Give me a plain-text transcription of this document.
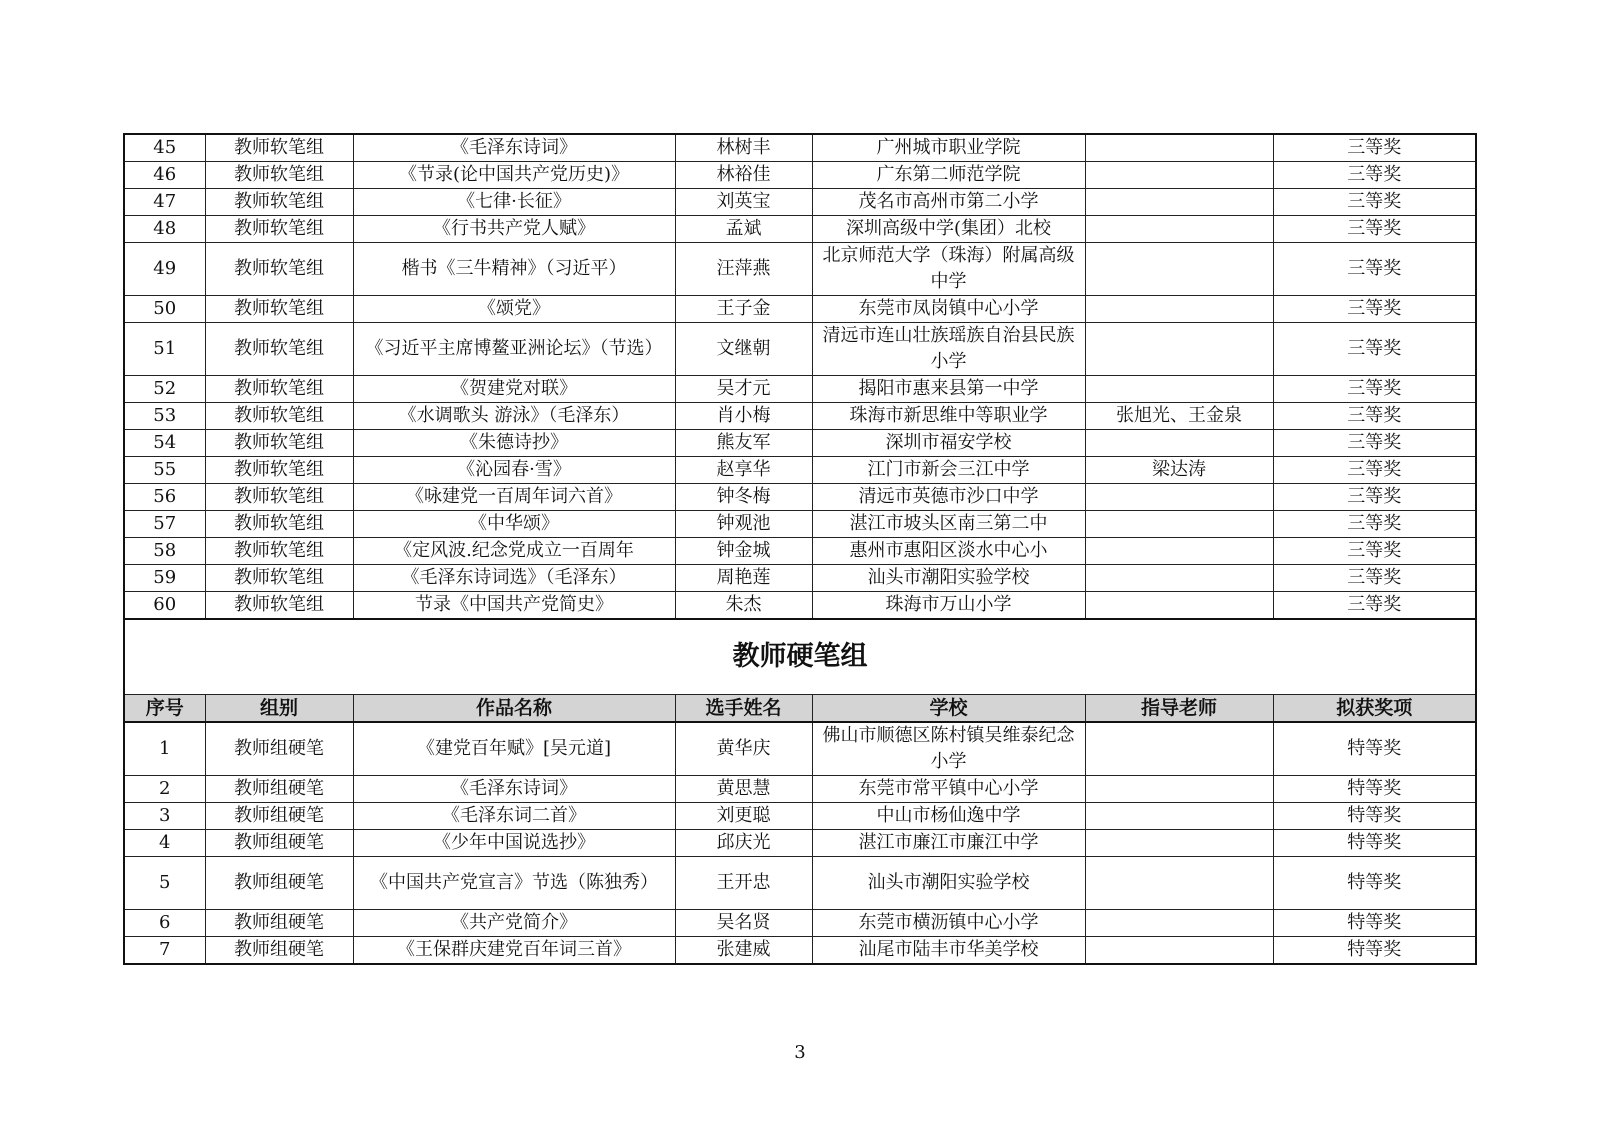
45	教师软笔组	《毛泽东诗词》	林树丰	广州城市职业学院		三等奖
46	教师软笔组	《节录(论中国共产党历史)》	林裕佳	广东第二师范学院		三等奖
47	教师软笔组	《七律·长征》	刘英宝	茂名市高州市第二小学		三等奖
48	教师软笔组	《行书共产党人赋》	孟斌	深圳高级中学(集团）北校		三等奖
49	教师软笔组	楷书《三牛精神》（习近平）	汪萍燕	北京师范大学（珠海）附属高级中学		三等奖
50	教师软笔组	《颂党》	王子金	东莞市凤岗镇中心小学		三等奖
51	教师软笔组	《习近平主席博鳌亚洲论坛》（节选）	文继朝	清远市连山壮族瑶族自治县民族小学		三等奖
52	教师软笔组	《贺建党对联》	吴才元	揭阳市惠来县第一中学		三等奖
53	教师软笔组	《水调歌头 游泳》（毛泽东）	肖小梅	珠海市新思维中等职业学	张旭光、王金泉	三等奖
54	教师软笔组	《朱德诗抄》	熊友军	深圳市福安学校		三等奖
55	教师软笔组	《沁园春·雪》	赵享华	江门市新会三江中学	梁达涛	三等奖
56	教师软笔组	《咏建党一百周年词六首》	钟冬梅	清远市英德市沙口中学		三等奖
57	教师软笔组	《中华颂》	钟观池	湛江市坡头区南三第二中		三等奖
58	教师软笔组	《定风波.纪念党成立一百周年	钟金城	惠州市惠阳区淡水中心小		三等奖
59	教师软笔组	《毛泽东诗词选》（毛泽东）	周艳莲	汕头市潮阳实验学校		三等奖
60	教师软笔组	节录《中国共产党简史》	朱杰	珠海市万山小学		三等奖
教师硬笔组						
序号	组别	作品名称	选手姓名	学校	指导老师	拟获奖项
1	教师组硬笔	《建党百年赋》[吴元道]	黄华庆	佛山市顺德区陈村镇吴维泰纪念小学		特等奖
2	教师组硬笔	《毛泽东诗词》	黄思慧	东莞市常平镇中心小学		特等奖
3	教师组硬笔	《毛泽东词二首》	刘更聪	中山市杨仙逸中学		特等奖
4	教师组硬笔	《少年中国说选抄》	邱庆光	湛江市廉江市廉江中学		特等奖
5	教师组硬笔	《中国共产党宣言》节选（陈独秀）	王开忠	汕头市潮阳实验学校		特等奖
6	教师组硬笔	《共产党简介》	吴名贤	东莞市横沥镇中心小学		特等奖
7	教师组硬笔	《王保群庆建党百年词三首》	张建威	汕尾市陆丰市华美学校		特等奖
3
